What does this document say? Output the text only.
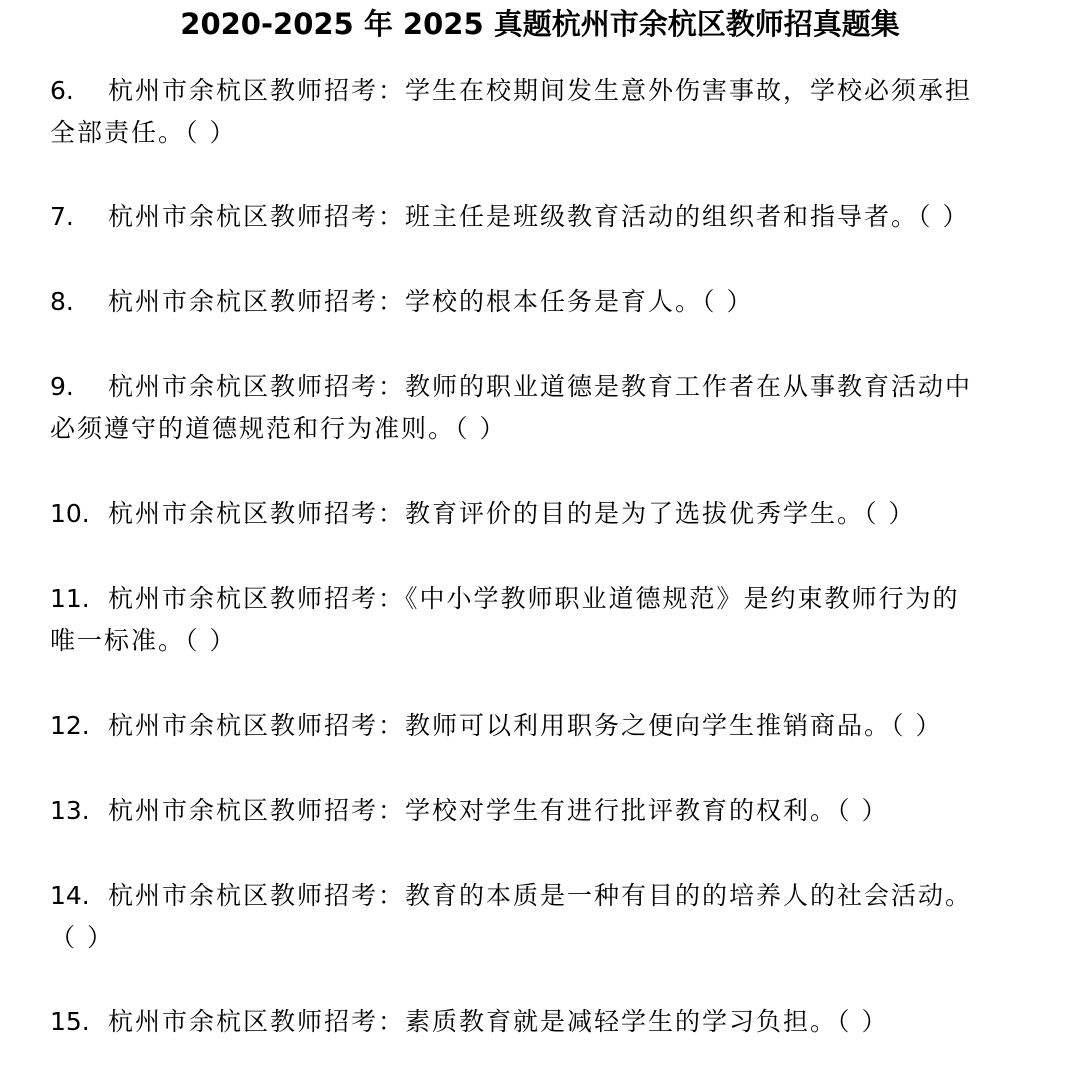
2020-2025 年 2025 真题杭州市余杭区教师招真题集
6. 杭州市余杭区教师招考：学生在校期间发生意外伤害事故，学校必须承担
全部责任。（ ）
7. 杭州市余杭区教师招考：班主任是班级教育活动的组织者和指导者。（ ）
8. 杭州市余杭区教师招考：学校的根本任务是育人。（ ）
9. 杭州市余杭区教师招考：教师的职业道德是教育工作者在从事教育活动中
必须遵守的道德规范和行为准则。（ ）
10. 杭州市余杭区教师招考：教育评价的目的是为了选拔优秀学生。（ ）
11. 杭州市余杭区教师招考：《中小学教师职业道德规范》是约束教师行为的
唯一标准。（ ）
12. 杭州市余杭区教师招考：教师可以利用职务之便向学生推销商品。（ ）
13. 杭州市余杭区教师招考：学校对学生有进行批评教育的权利。（ ）
14. 杭州市余杭区教师招考：教育的本质是一种有目的的培养人的社会活动。
（ ）
15. 杭州市余杭区教师招考：素质教育就是减轻学生的学习负担。（ ）
